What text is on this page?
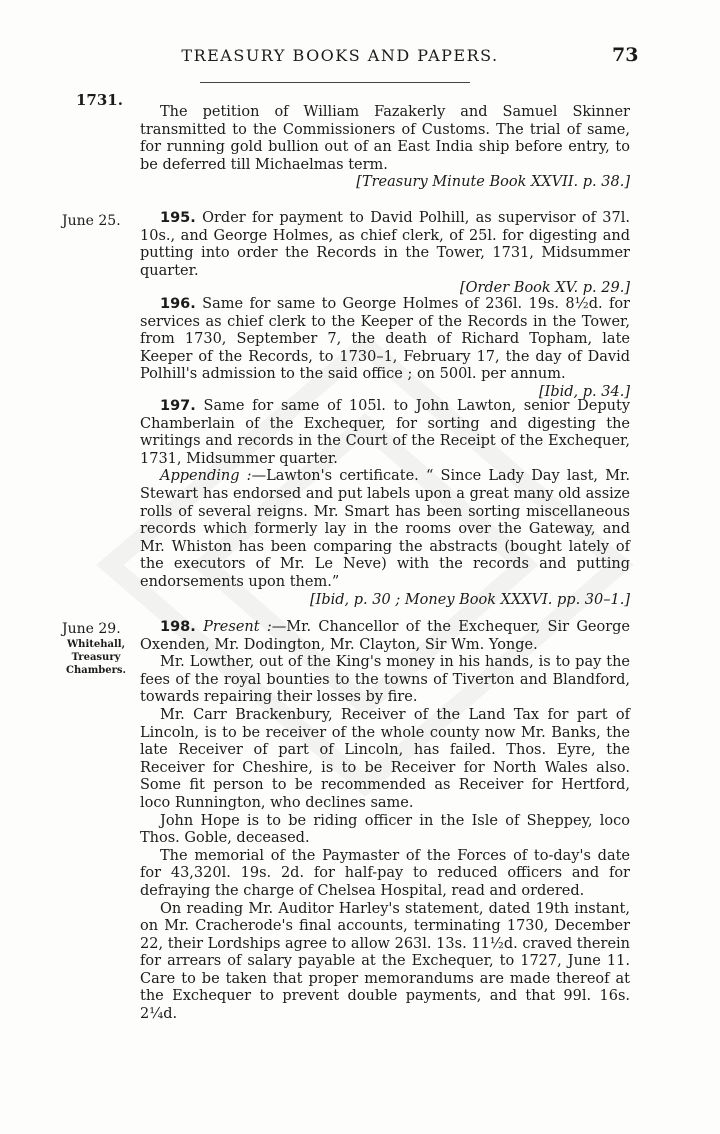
TREASURY BOOKS AND PAPERS.	73
1731.
June 25.
June 29.
Whitehall,
Treasury
Chambers.

The petition of William Fazakerly and Samuel Skinner transmitted to the Commissioners of Customs. The trial of same, for running gold bullion out of an East India ship before entry, to be deferred till Michaelmas term.

[Treasury Minute Book XXVII. p. 38.]

195. Order for payment to David Polhill, as supervisor of 37l. 10s., and George Holmes, as chief clerk, of 25l. for digesting and putting into order the Records in the Tower, 1731, Midsummer quarter.

[Order Book XV. p. 29.]

196. Same for same to George Holmes of 236l. 19s. 8½d. for services as chief clerk to the Keeper of the Records in the Tower, from 1730, September 7, the death of Richard Topham, late Keeper of the Records, to 1730–1, February 17, the day of David Polhill's admission to the said office ; on 500l. per annum.

[Ibid, p. 34.]

197. Same for same of 105l. to John Lawton, senior Deputy Chamberlain of the Exchequer, for sorting and digesting the writings and records in the Court of the Receipt of the Exchequer, 1731, Midsummer quarter.

Appending :—Lawton's certificate. “ Since Lady Day last, Mr. Stewart has endorsed and put labels upon a great many old assize rolls of several reigns. Mr. Smart has been sorting miscellaneous records which formerly lay in the rooms over the Gateway, and Mr. Whiston has been comparing the abstracts (bought lately of the executors of Mr. Le Neve) with the records and putting endorsements upon them.”

[Ibid, p. 30 ; Money Book XXXVI. pp. 30–1.]

198. Present :—Mr. Chancellor of the Exchequer, Sir George Oxenden, Mr. Dodington, Mr. Clayton, Sir Wm. Yonge.

Mr. Lowther, out of the King's money in his hands, is to pay the fees of the royal bounties to the towns of Tiverton and Blandford, towards repairing their losses by fire.

Mr. Carr Brackenbury, Receiver of the Land Tax for part of Lincoln, is to be receiver of the whole county now Mr. Banks, the late Receiver of part of Lincoln, has failed. Thos. Eyre, the Receiver for Cheshire, is to be Receiver for North Wales also. Some fit person to be recommended as Receiver for Hertford, loco Runnington, who declines same.

John Hope is to be riding officer in the Isle of Sheppey, loco Thos. Goble, deceased.

The memorial of the Paymaster of the Forces of to-day's date for 43,320l. 19s. 2d. for half-pay to reduced officers and for defraying the charge of Chelsea Hospital, read and ordered.

On reading Mr. Auditor Harley's statement, dated 19th instant, on Mr. Cracherode's final accounts, terminating 1730, December 22, their Lordships agree to allow 263l. 13s. 11½d. craved therein for arrears of salary payable at the Exchequer, to 1727, June 11. Care to be taken that proper memorandums are made thereof at the Exchequer to prevent double payments, and that 99l. 16s. 2¼d.
